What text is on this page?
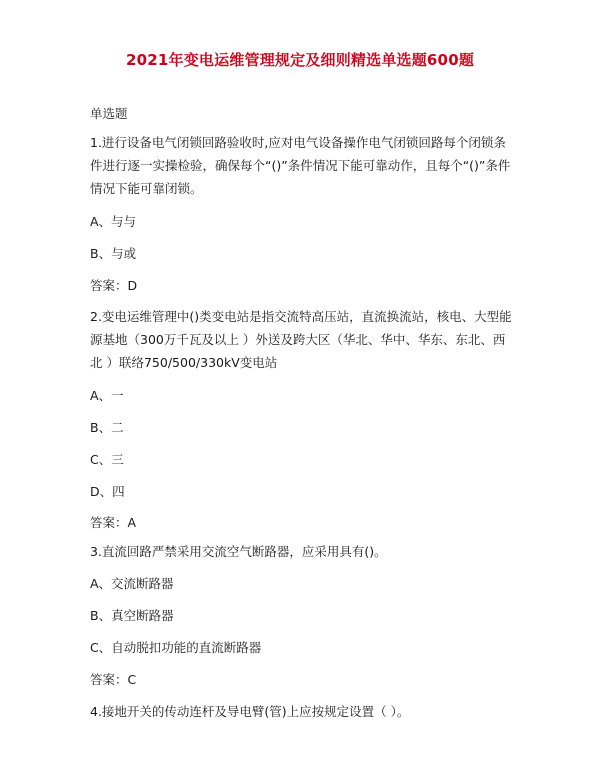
2021年变电运维管理规定及细则精选单选题600题
单选题
1.进行设备电气闭锁回路验收时,应对电气设备操作电气闭锁回路每个闭锁条件进行逐一实操检验，确保每个“()”条件情况下能可靠动作，且每个“()”条件情况下能可靠闭锁。
A、与与
B、与或
答案：D
2.变电运维管理中()类变电站是指交流特高压站，直流换流站，核电、大型能源基地（300万千瓦及以上 ）外送及跨大区（华北、华中、华东、东北、西北 ）联络750/500/330kV变电站
A、一
B、二
C、三
D、四
答案：A
3.直流回路严禁采用交流空气断路器，应采用具有()。
A、交流断路器
B、真空断路器
C、自动脱扣功能的直流断路器
答案：C
4.接地开关的传动连杆及导电臂(管)上应按规定设置（ ）。
